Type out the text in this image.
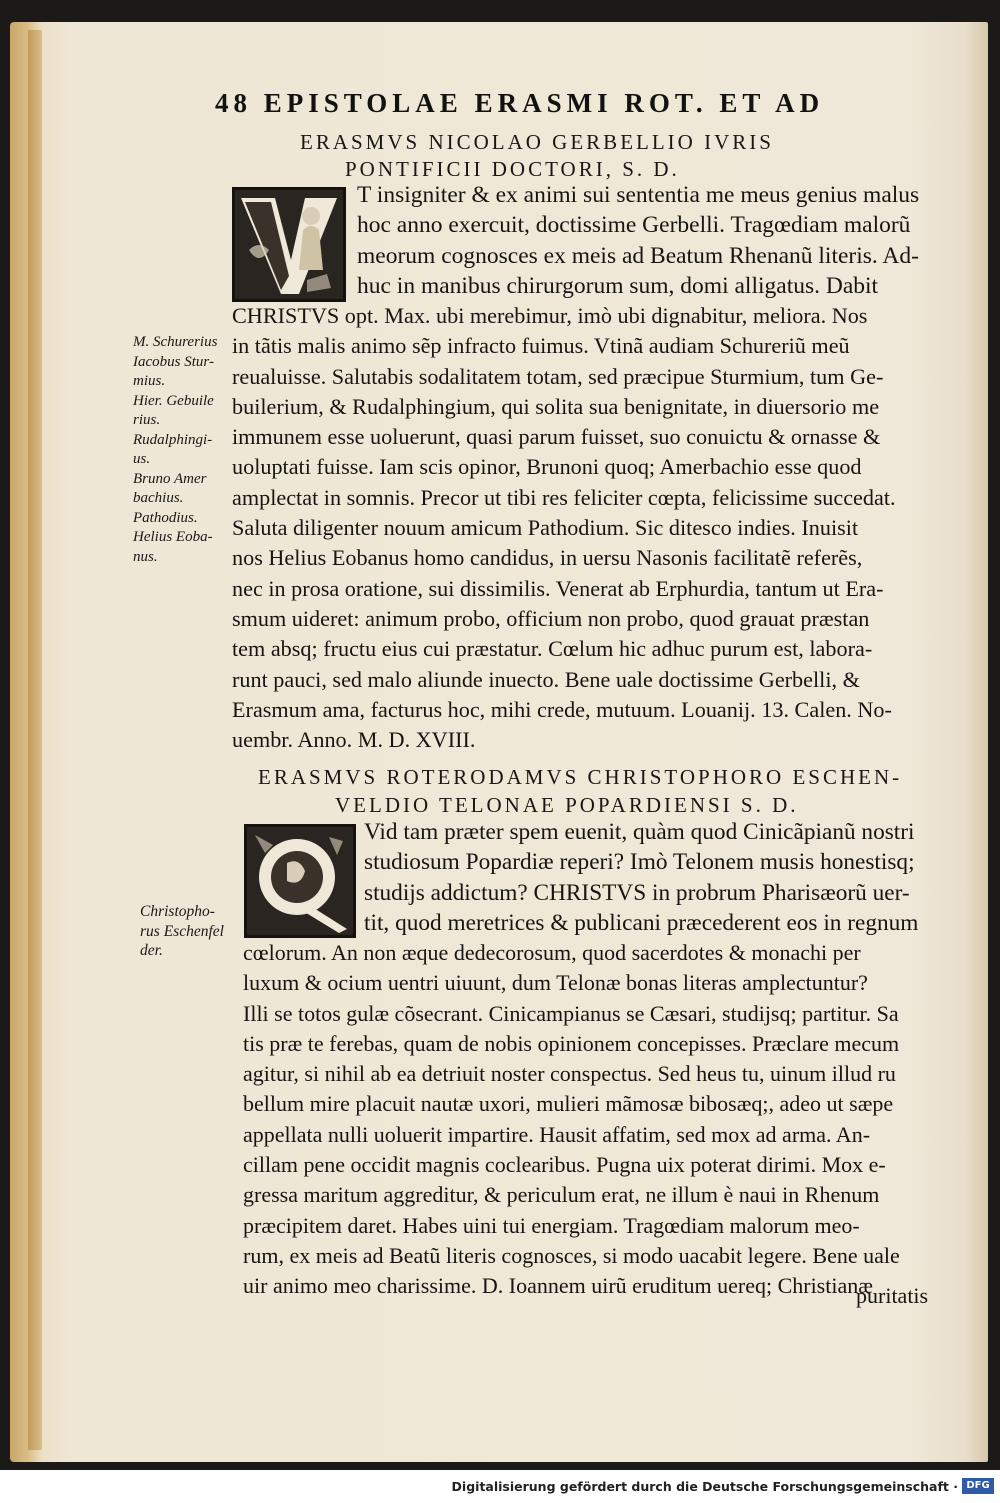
48 EPISTOLAE ERASMI ROT. ET AD
ERASMVS NICOLAO GERBELLIO IVRIS
PONTIFICII DOCTORI, S. D.
T insigniter & ex animi sui sententia me meus genius malus
hoc anno exercuit, doctissime Gerbelli. Tragœdiam malorũ
meorum cognosces ex meis ad Beatum Rhenanũ literis. Ad-
huc in manibus chirurgorum sum, domi alligatus. Dabit
CHRISTVS opt. Max. ubi merebimur, imò ubi dignabitur, meliora. Nos
in tãtis malis animo sẽp infracto fuimus. Vtinã audiam Schureriũ meũ
reualuisse. Salutabis sodalitatem totam, sed præcipue Sturmium, tum Ge-
builerium, & Rudalphingium, qui solita sua benignitate, in diuersorio me
immunem esse uoluerunt, quasi parum fuisset, suo conuictu & ornasse &
uoluptati fuisse. Iam scis opinor, Brunoni quoq; Amerbachio esse quod
amplectat in somnis. Precor ut tibi res feliciter cœpta, felicissime succedat.
Saluta diligenter nouum amicum Pathodium. Sic ditesco indies. Inuisit
nos Helius Eobanus homo candidus, in uersu Nasonis facilitatẽ referẽs,
nec in prosa oratione, sui dissimilis. Venerat ab Erphurdia, tantum ut Era-
smum uideret: animum probo, officium non probo, quod grauat præstan
tem absq; fructu eius cui præstatur. Cœlum hic adhuc purum est, labora-
runt pauci, sed malo aliunde inuecto. Bene uale doctissime Gerbelli, &
Erasmum ama, facturus hoc, mihi crede, mutuum. Louanij. 13. Calen. No-
uembr. Anno. M. D. XVIII.
M. Schurerius
Iacobus Stur-
mius.
Hier. Gebuile
rius.
Rudalphingi-
us.
Bruno Amer
bachius.
Pathodius.
Helius Eoba-
nus.
ERASMVS ROTERODAMVS CHRISTOPHORO ESCHEN-
VELDIO TELONAE POPARDIENSI S. D.
Vid tam præter spem euenit, quàm quod Cinicãpianũ nostri
studiosum Popardiæ reperi? Imò Telonem musis honestisq;
studijs addictum? CHRISTVS in probrum Pharisæorũ uer-
tit, quod meretrices & publicani præcederent eos in regnum
cœlorum. An non æque dedecorosum, quod sacerdotes & monachi per
luxum & ocium uentri uiuunt, dum Telonæ bonas literas amplectuntur?
Illi se totos gulæ cõsecrant. Cinicampianus se Cæsari, studijsq; partitur. Sa
tis præ te ferebas, quam de nobis opinionem concepisses. Præclare mecum
agitur, si nihil ab ea detriuit noster conspectus. Sed heus tu, uinum illud ru
bellum mire placuit nautæ uxori, mulieri mãmosæ bibosæq;, adeo ut sæpe
appellata nulli uoluerit impartire. Hausit affatim, sed mox ad arma. An-
cillam pene occidit magnis coclearibus. Pugna uix poterat dirimi. Mox e-
gressa maritum aggreditur, & periculum erat, ne illum è naui in Rhenum
præcipitem daret. Habes uini tui energiam. Tragœdiam malorum meo-
rum, ex meis ad Beatũ literis cognosces, si modo uacabit legere. Bene uale
uir animo meo charissime. D. Ioannem uirũ eruditum uereq; Christianæ
puritatis
Christopho-
rus Eschenfel
der.
Digitalisierung gefördert durch die Deutsche Forschungsgemeinschaft · DFG
